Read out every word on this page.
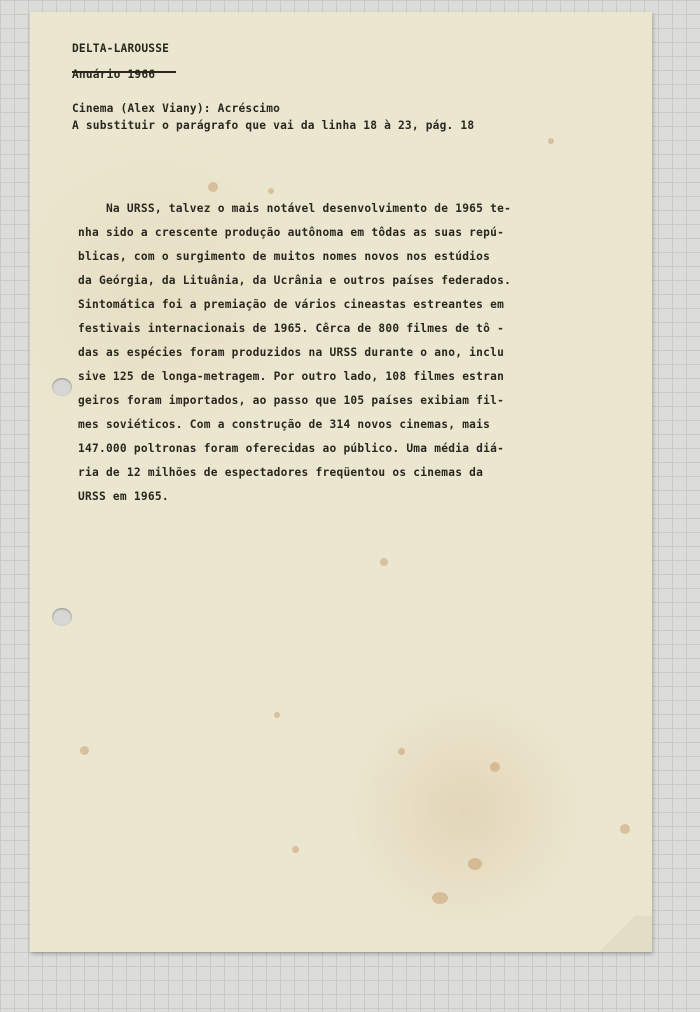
DELTA-LAROUSSE
Anuário 1966
Cinema (Alex Viany): Acréscimo
A substituir o parágrafo que vai da linha 18 à 23, pág. 18
Na URSS, talvez o mais notável desenvolvimento de 1965 te-
nha sido a crescente produção autônoma em tôdas as suas repú-
blicas, com o surgimento de muitos nomes novos nos estúdios
da Geórgia, da Lituânia, da Ucrânia e outros países federados.
Sintomática foi a premiação de vários cineastas estreantes em
festivais internacionais de 1965. Cêrca de 800 filmes de tô -
das as espécies foram produzidos na URSS durante o ano, inclu
sive 125 de longa-metragem. Por outro lado, 108 filmes estran
geiros foram importados, ao passo que 105 países exibiam fil-
mes soviéticos. Com a construção de 314 novos cinemas, mais
147.000 poltronas foram oferecidas ao público. Uma média diá-
ria de 12 milhões de espectadores freqüentou os cinemas da
URSS em 1965.
